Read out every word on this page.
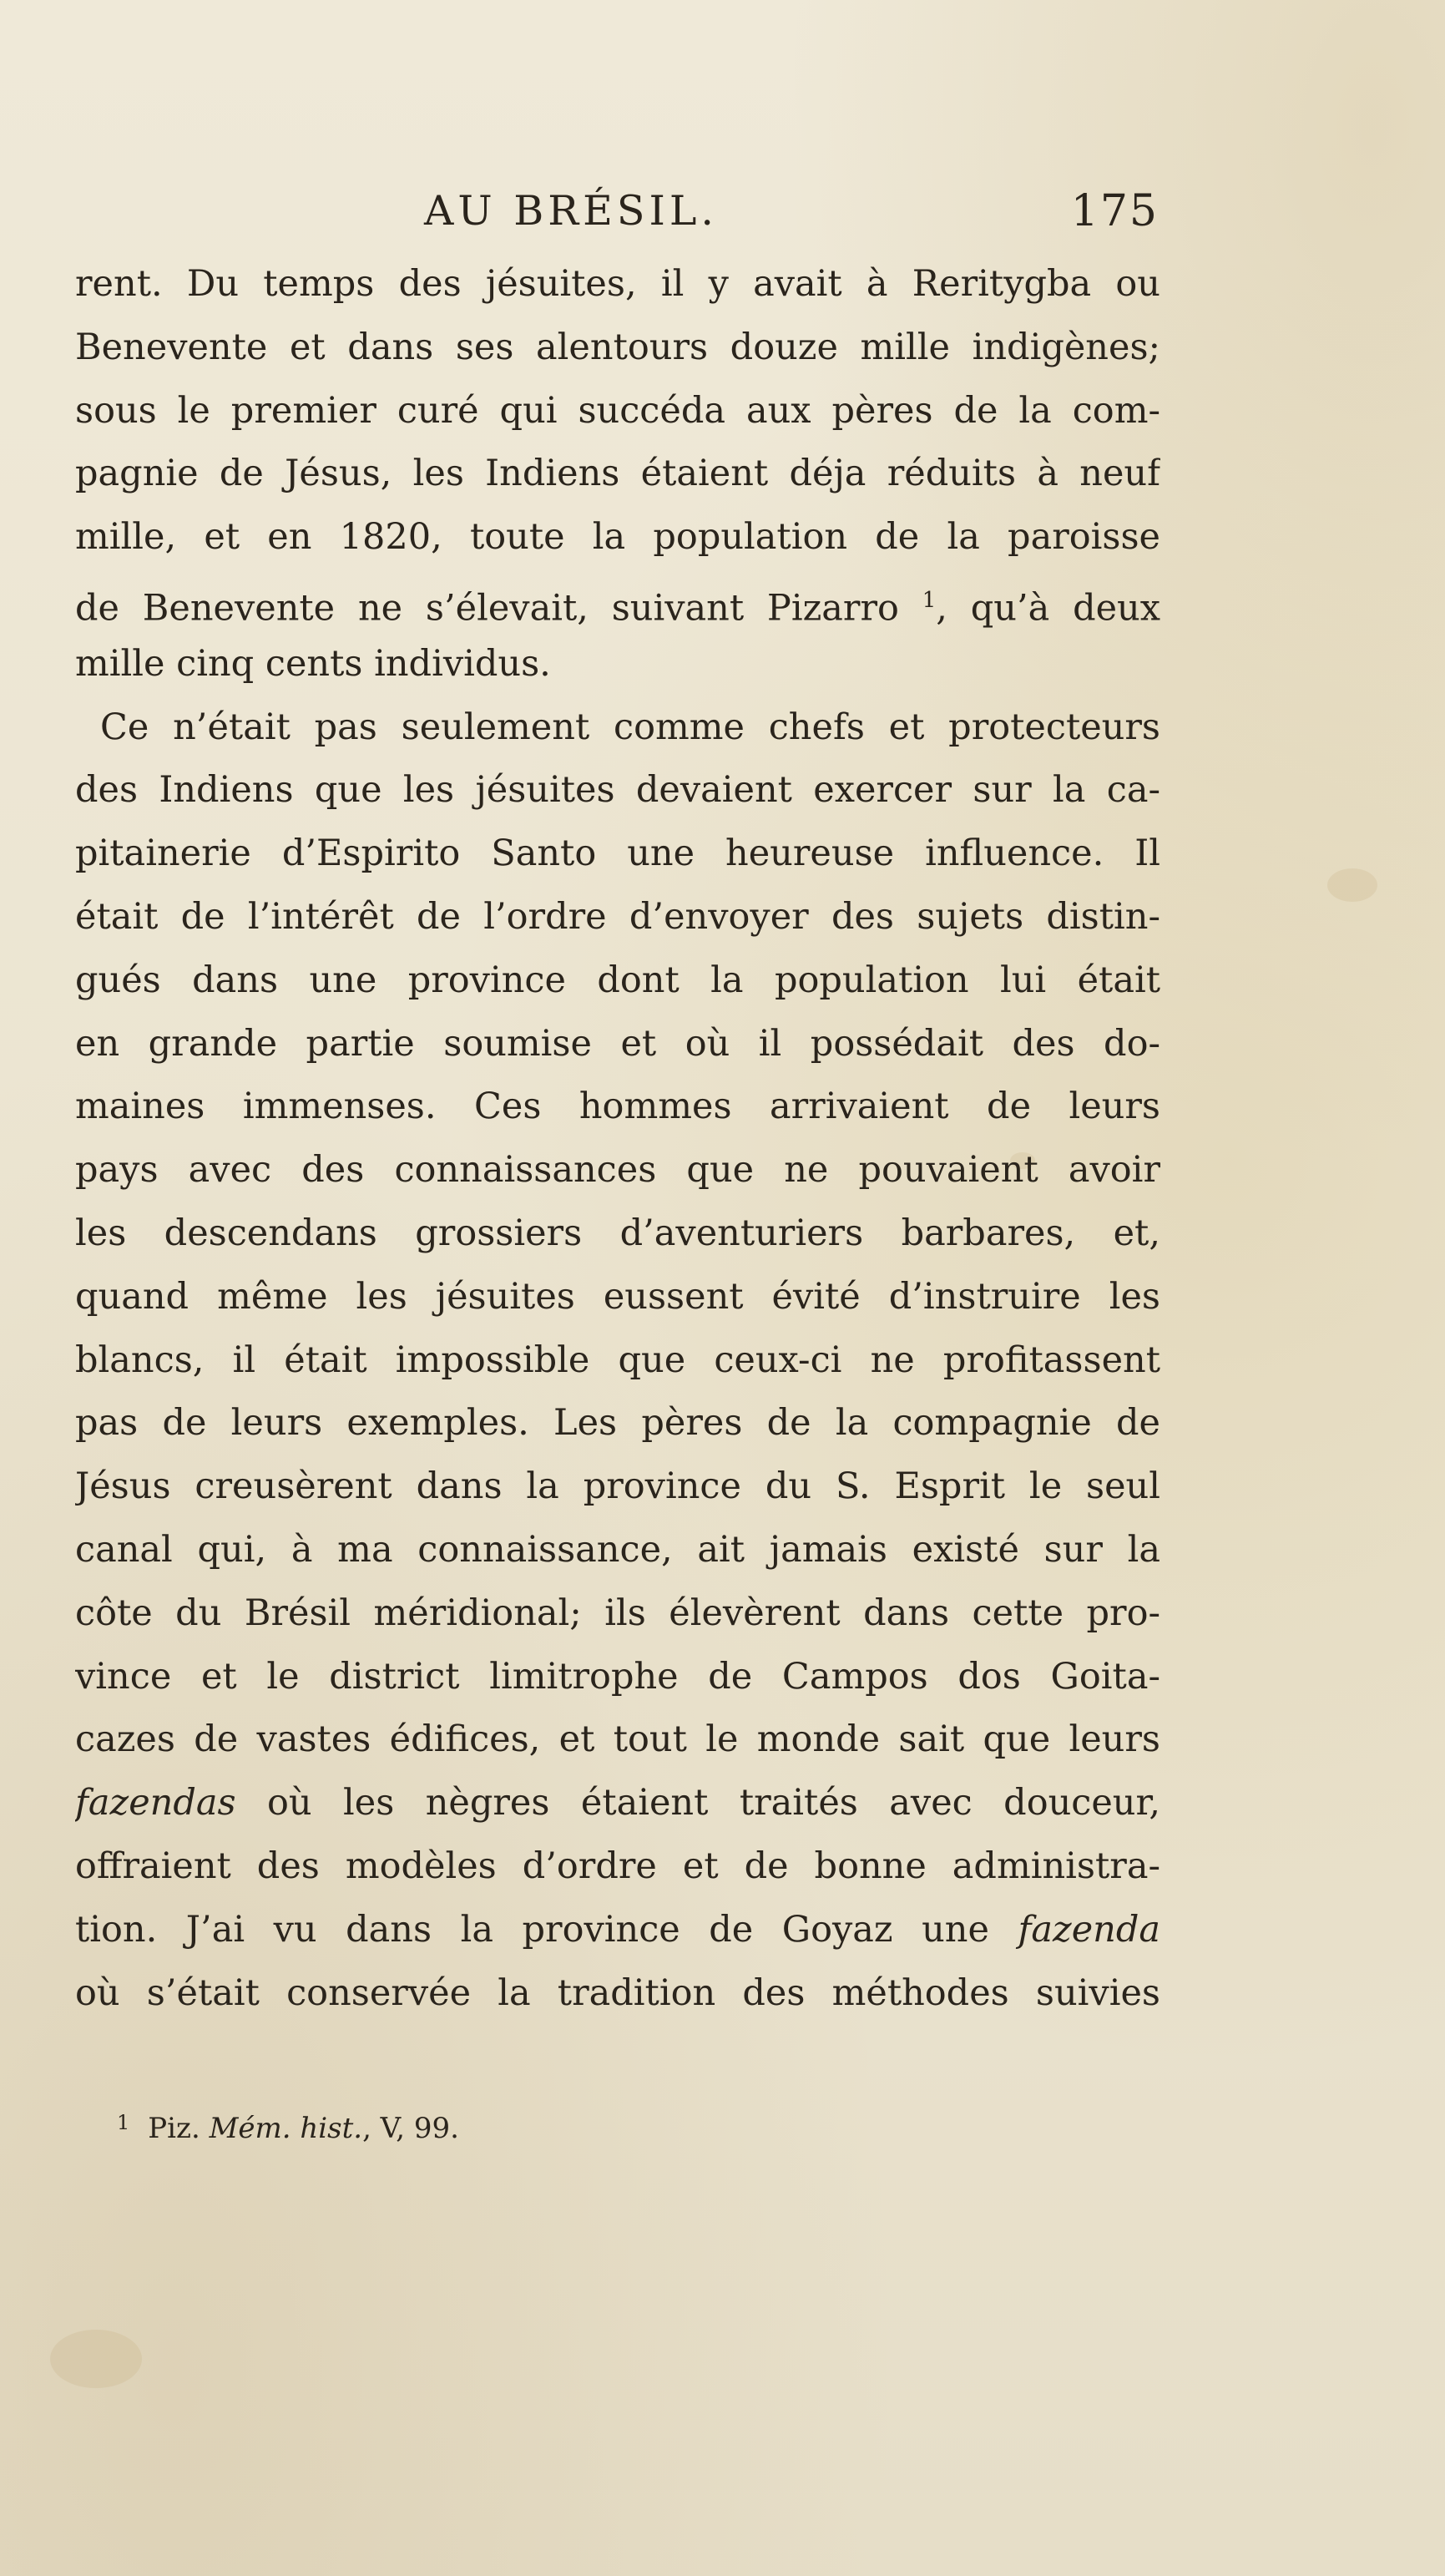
AU BRÉSIL.	175
rent. Du temps des jésuites, il y avait à Reritygba ou
Benevente et dans ses alentours douze mille indigènes;
sous le premier curé qui succéda aux pères de la com-
pagnie de Jésus, les Indiens étaient déja réduits à neuf
mille, et en 1820, toute la population de la paroisse
de Benevente ne s’élevait, suivant Pizarro $^1$, qu’à deux
mille cinq cents individus.
Ce n’était pas seulement comme chefs et protecteurs
des Indiens que les jésuites devaient exercer sur la ca-
pitainerie d’Espirito Santo une heureuse influence. Il
était de l’intérêt de l’ordre d’envoyer des sujets distin-
gués dans une province dont la population lui était
en grande partie soumise et où il possédait des do-
maines immenses. Ces hommes arrivaient de leurs
pays avec des connaissances que ne pouvaient avoir
les descendans grossiers d’aventuriers barbares, et,
quand même les jésuites eussent évité d’instruire les
blancs, il était impossible que ceux-ci ne profitassent
pas de leurs exemples. Les pères de la compagnie de
Jésus creusèrent dans la province du S. Esprit le seul
canal qui, à ma connaissance, ait jamais existé sur la
côte du Brésil méridional; ils élevèrent dans cette pro-
vince et le district limitrophe de Campos dos Goita-
cazes de vastes édifices, et tout le monde sait que leurs
fazendas où les nègres étaient traités avec douceur,
offraient des modèles d’ordre et de bonne administra-
tion. J’ai vu dans la province de Goyaz une fazenda
où s’était conservée la tradition des méthodes suivies
$^1$ Piz. Mém. hist., V, 99.
